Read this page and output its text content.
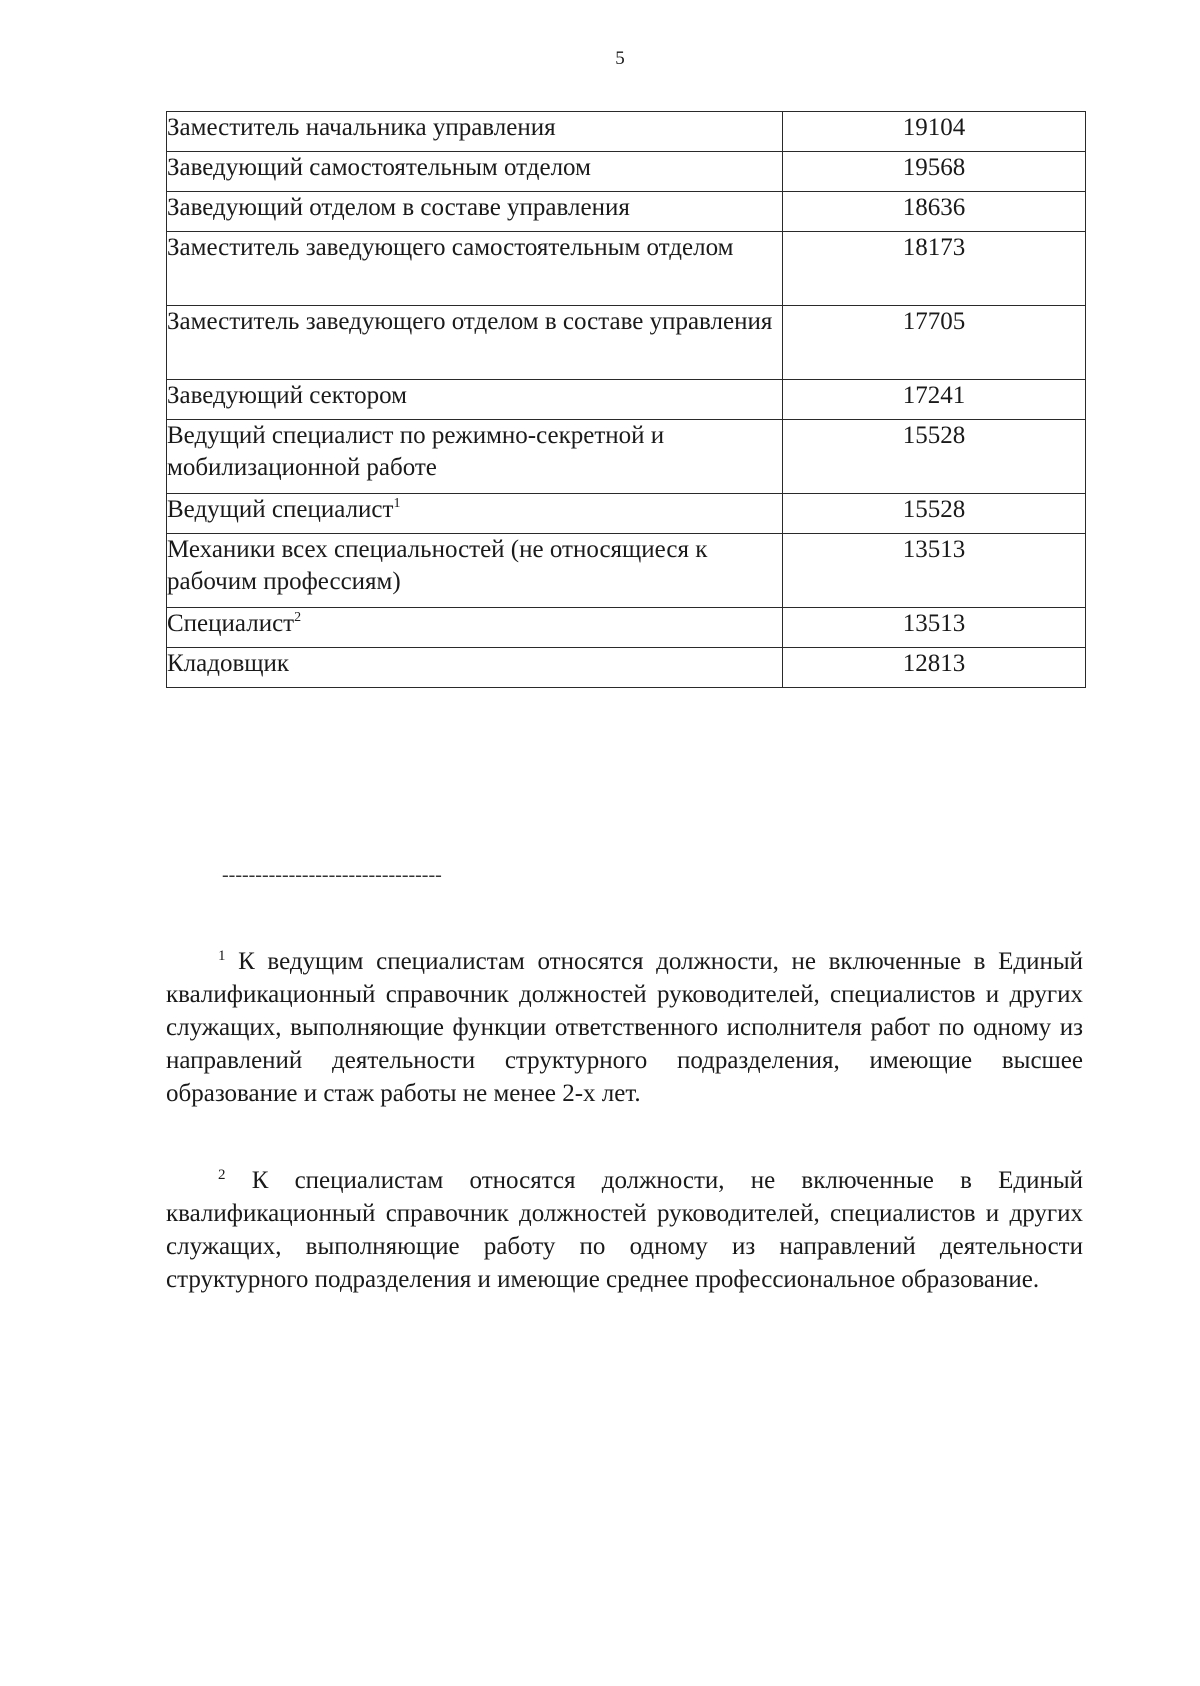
5
Заместитель начальника управления	19104
Заведующий самостоятельным отделом	19568
Заведующий отделом в составе управления	18636
Заместитель заведующего самостоятельным отделом	18173
Заместитель заведующего отделом в составе управления	17705
Заведующий сектором	17241
Ведущий специалист по режимно-секретной и мобилизационной работе	15528
Ведущий специалист$^1$	15528
Механики всех специальностей (не относящиеся к рабочим профессиям)	13513
Специалист$^2$	13513
Кладовщик	12813
---------------------------------

$^1$ К ведущим специалистам относятся должности, не включенные в Единый квалификационный справочник должностей руководителей, специалистов и других служащих, выполняющие функции ответственного исполнителя работ по одному из направлений деятельности структурного подразделения, имеющие высшее образование и стаж работы не менее 2-х лет.

$^2$ К специалистам относятся должности, не включенные в Единый квалификационный справочник должностей руководителей, специалистов и других служащих, выполняющие работу по одному из направлений деятельности структурного подразделения и имеющие среднее профессиональное образование.
